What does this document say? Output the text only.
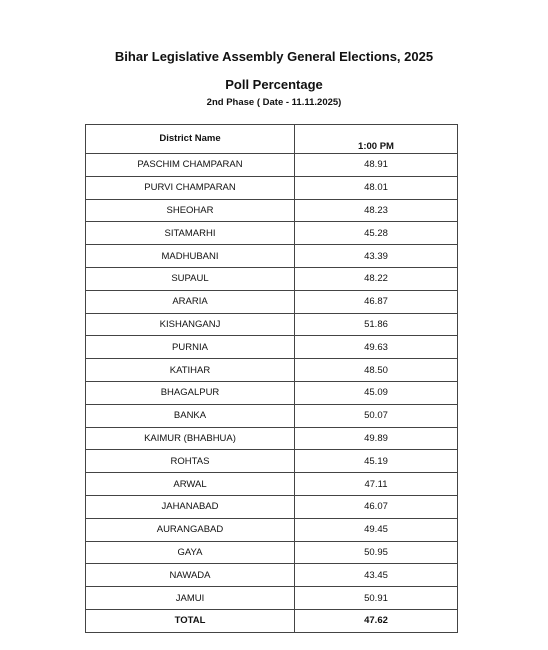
Bihar Legislative Assembly General Elections, 2025
Poll Percentage
2nd Phase ( Date - 11.11.2025)
District Name	1:00 PM
PASCHIM CHAMPARAN	48.91
PURVI CHAMPARAN	48.01
SHEOHAR	48.23
SITAMARHI	45.28
MADHUBANI	43.39
SUPAUL	48.22
ARARIA	46.87
KISHANGANJ	51.86
PURNIA	49.63
KATIHAR	48.50
BHAGALPUR	45.09
BANKA	50.07
KAIMUR (BHABHUA)	49.89
ROHTAS	45.19
ARWAL	47.11
JAHANABAD	46.07
AURANGABAD	49.45
GAYA	50.95
NAWADA	43.45
JAMUI	50.91
TOTAL	47.62
